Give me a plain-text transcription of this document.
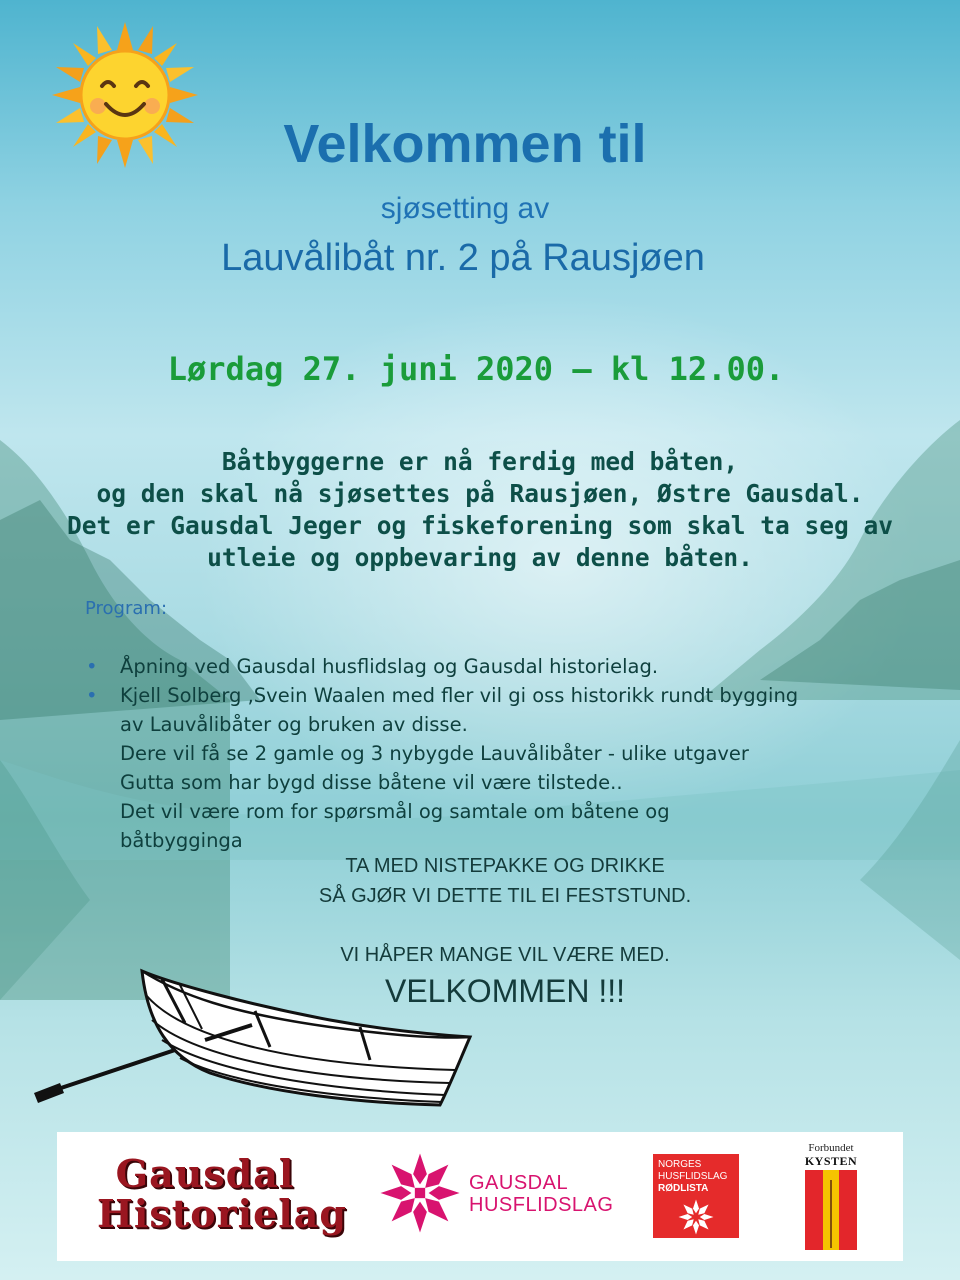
Velkommen til
sjøsetting av
Lauvålibåt nr. 2 på Rausjøen
Lørdag 27. juni 2020 – kl 12.00.
Båtbyggerne er nå ferdig med båten,
og den skal nå sjøsettes på Rausjøen, Østre Gausdal.
Det er Gausdal Jeger og fiskeforening som skal ta seg av
utleie og oppbevaring av denne båten.
Program:
• Åpning ved Gausdal husflidslag og Gausdal historielag.
• Kjell Solberg ,Svein Waalen med fler vil gi oss historikk rundt bygging
av Lauvålibåter og bruken av disse.
Dere vil få se 2 gamle og 3 nybygde Lauvålibåter - ulike utgaver
Gutta som har bygd disse båtene vil være tilstede..
Det vil være rom for spørsmål og samtale om båtene og
båtbygginga
TA MED NISTEPAKKE OG DRIKKE
SÅ GJØR VI DETTE TIL EI FESTSTUND.
VI HÅPER MANGE VIL VÆRE MED.
VELKOMMEN !!!
Gausdal
Historielag
GAUSDAL
HUSFLIDSLAG
NORGES
HUSFLIDSLAG
RØDLISTA
Forbundet
KYSTEN
